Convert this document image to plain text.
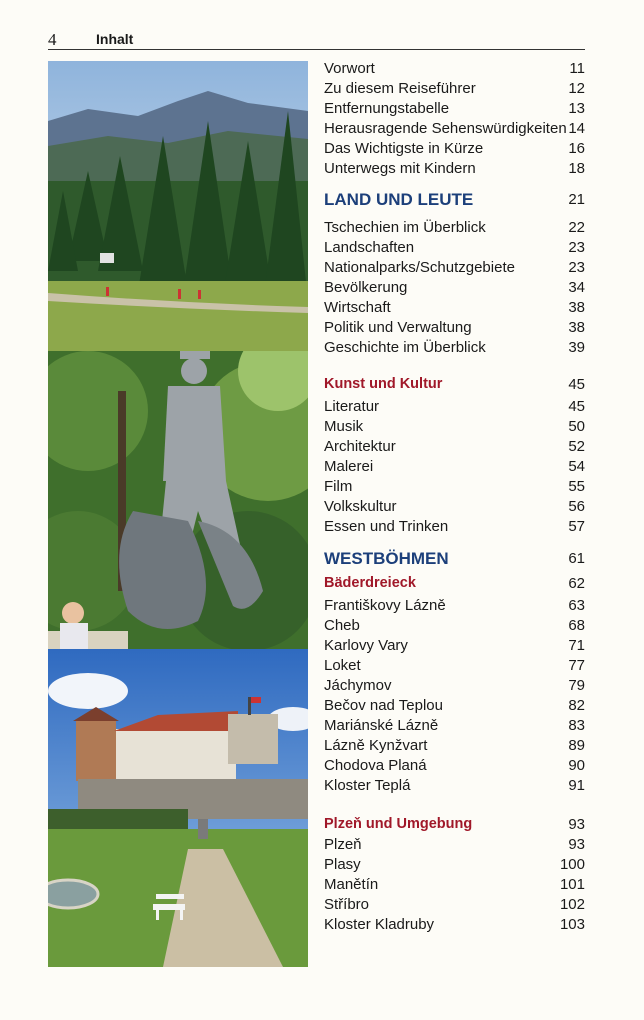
4	Inhalt
Vorwort	11
Zu diesem Reiseführer	12
Entfernungstabelle	13
Herausragende Sehenswürdigkeiten 14
Das Wichtigste in Kürze	16
Unterwegs mit Kindern	18
LAND UND LEUTE	21
Tschechien im Überblick	22
Landschaften	23
Nationalparks/Schutzgebiete	23
Bevölkerung	34
Wirtschaft	38
Politik und Verwaltung	38
Geschichte im Überblick	39
Kunst und Kultur	45
Literatur	45
Musik	50
Architektur	52
Malerei	54
Film	55
Volkskultur	56
Essen und Trinken	57
WESTBÖHMEN	61
Bäderdreieck	62
Františkovy Lázně	63
Cheb	68
Karlovy Vary	71
Loket	77
Jáchymov	79
Bečov nad Teplou	82
Mariánské Lázně	83
Lázně Kynžvart	89
Chodova Planá	90
Kloster Teplá	91
Plzeň und Umgebung	93
Plzeň	93
Plasy	100
Manětín	101
Stříbro	102
Kloster Kladruby	103
